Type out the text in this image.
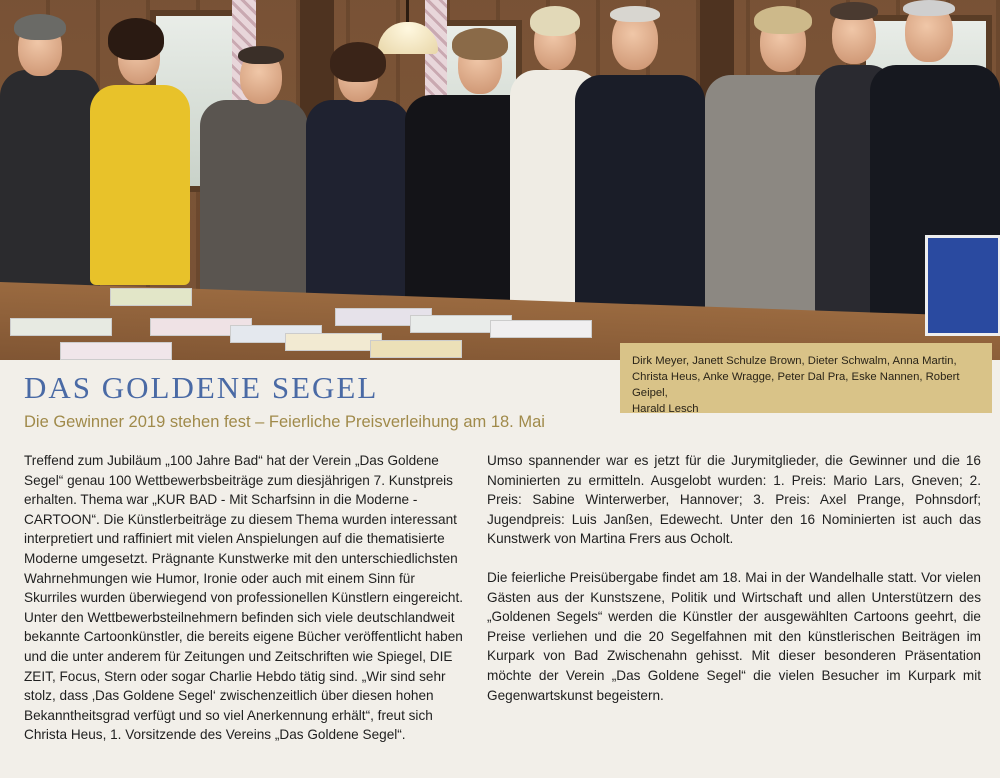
Dirk Meyer, Janett Schulze Brown, Dieter Schwalm, Anna Martin,
Christa Heus, Anke Wragge, Peter Dal Pra, Eske Nannen, Robert Geipel,
Harald Lesch
DAS GOLDENE SEGEL
Die Gewinner 2019 stehen fest – Feierliche Preisverleihung am 18. Mai

Treffend zum Jubiläum „100 Jahre Bad“ hat der Verein „Das Goldene Segel“ genau 100 Wettbewerbsbeiträge zum diesjährigen 7. Kunstpreis erhalten. Thema war „KUR BAD - Mit Scharfsinn in die Moderne - CARTOON“. Die Künstlerbeiträge zu diesem Thema wurden interessant interpretiert und raffiniert mit vielen Anspielungen auf die thematisierte Moderne umgesetzt. Prägnante Kunstwerke mit den unterschiedlichsten Wahrnehmungen wie Humor, Ironie oder auch mit einem Sinn für Skurriles wurden überwiegend von professionellen Künstlern eingereicht. Unter den Wettbewerbsteilnehmern befinden sich viele deutschlandweit bekannte Cartoonkünstler, die bereits eigene Bücher veröffentlicht haben und die unter anderem für Zeitungen und Zeitschriften wie Spiegel, DIE ZEIT, Focus, Stern oder sogar Charlie Hebdo tätig sind. „Wir sind sehr stolz, dass ‚Das Goldene Segel‘ zwischenzeitlich über diesen hohen Bekanntheitsgrad verfügt und so viel Anerkennung erhält“, freut sich Christa Heus, 1. Vorsitzende des Vereins „Das Goldene Segel“.

Umso spannender war es jetzt für die Jurymitglieder, die Gewinner und die 16 Nominierten zu ermitteln. Ausgelobt wurden: 1. Preis: Mario Lars, Gneven; 2. Preis: Sabine Winterwerber, Hannover; 3. Preis: Axel Prange, Pohnsdorf; Jugendpreis: Luis Janßen, Edewecht. Unter den 16 Nominierten ist auch das Kunstwerk von Martina Frers aus Ocholt.

Die feierliche Preisübergabe findet am 18. Mai in der Wandelhalle statt. Vor vielen Gästen aus der Kunstszene, Politik und Wirtschaft und allen Unterstützern des „Goldenen Segels“ werden die Künstler der ausgewählten Cartoons geehrt, die Preise verliehen und die 20 Segelfahnen mit den künstlerischen Beiträgen im Kurpark von Bad Zwischenahn gehisst. Mit dieser besonderen Präsentation möchte der Verein „Das Goldene Segel“ die vielen Besucher im Kurpark mit Gegenwartskunst begeistern.
